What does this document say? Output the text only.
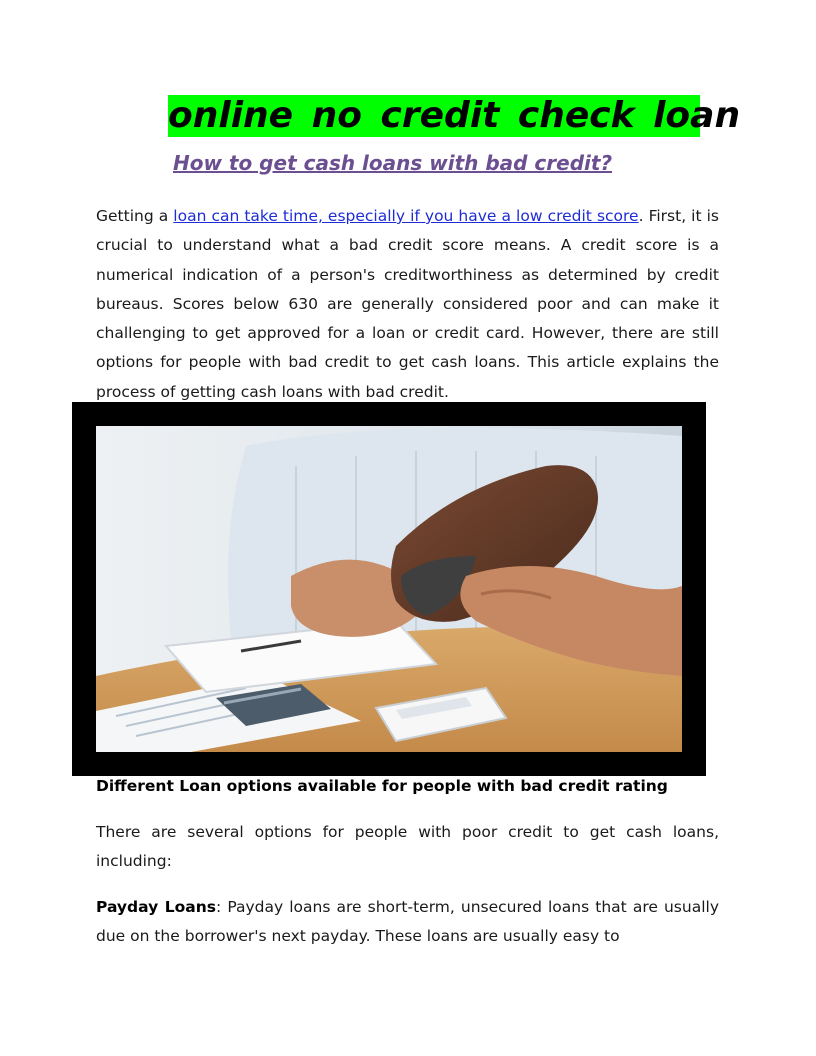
online no credit check loan
How to get cash loans with bad credit?

Getting a loan can take time, especially if you have a low credit score. First, it is crucial to understand what a bad credit score means. A credit score is a numerical indication of a person's creditworthiness as determined by credit bureaus. Scores below 630 are generally considered poor and can make it challenging to get approved for a loan or credit card. However, there are still options for people with bad credit to get cash loans. This article explains the process of getting cash loans with bad credit.

Different Loan options available for people with bad credit rating

There are several options for people with poor credit to get cash loans, including:

Payday Loans: Payday loans are short-term, unsecured loans that are usually due on the borrower's next payday. These loans are usually easy to
